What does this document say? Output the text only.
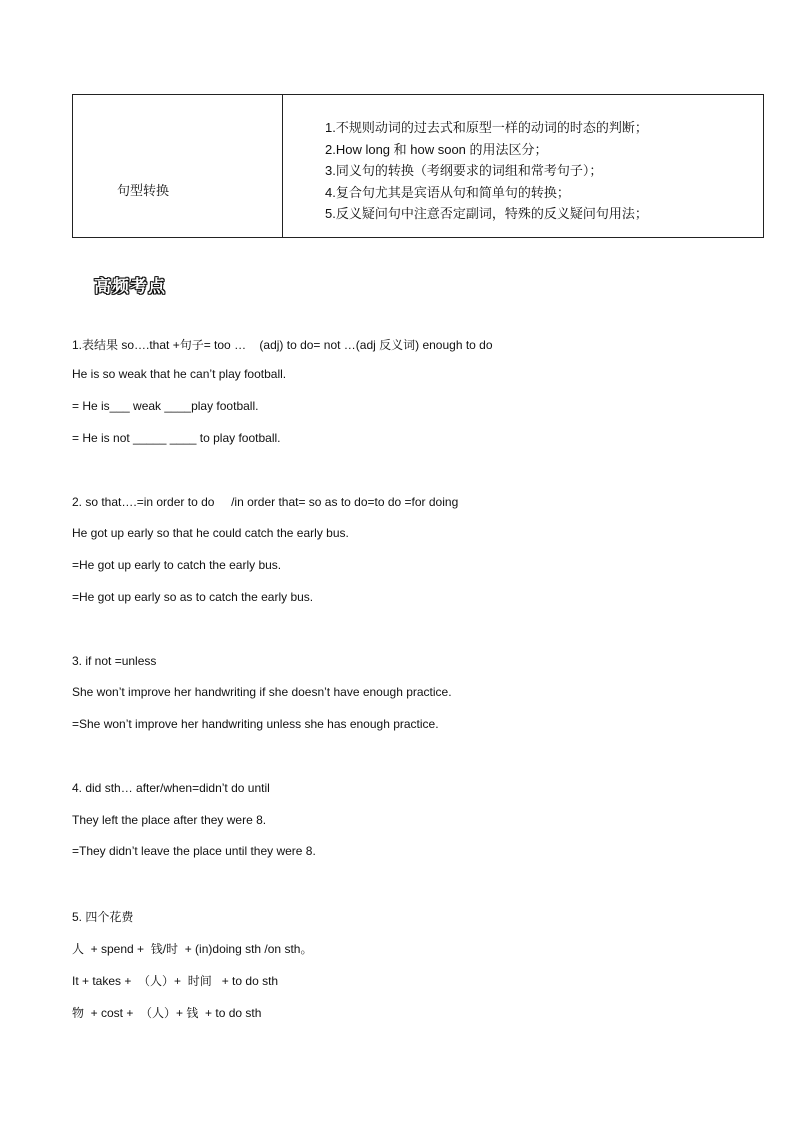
句型转换
1.不规则动词的过去式和原型一样的动词的时态的判断；
2.How long 和 how soon 的用法区分；
3.同义句的转换（考纲要求的词组和常考句子）；
4.复合句尤其是宾语从句和简单句的转换；
5.反义疑问句中注意否定副词，特殊的反义疑问句用法；
高频考点
1.表结果 so….that +句子= too …    (adj) to do= not …(adj 反义词) enough to do
He is so weak that he can’t play football.
= He is___ weak ____play football.
= He is not _____ ____ to play football.
2. so that….=in order to do     /in order that= so as to do=to do =for doing
He got up early so that he could catch the early bus.
=He got up early to catch the early bus.
=He got up early so as to catch the early bus.
3. if not =unless
She won’t improve her handwriting if she doesn’t have enough practice.
=She won’t improve her handwriting unless she has enough practice.
4. did sth… after/when=didn’t do until
They left the place after they were 8.
=They didn’t leave the place until they were 8.
5. 四个花费
人  + spend +  钱/时  + (in)doing sth /on sth。
It + takes +  （人）+  时间   + to do sth
物  + cost +  （人）+ 钱  + to do sth
